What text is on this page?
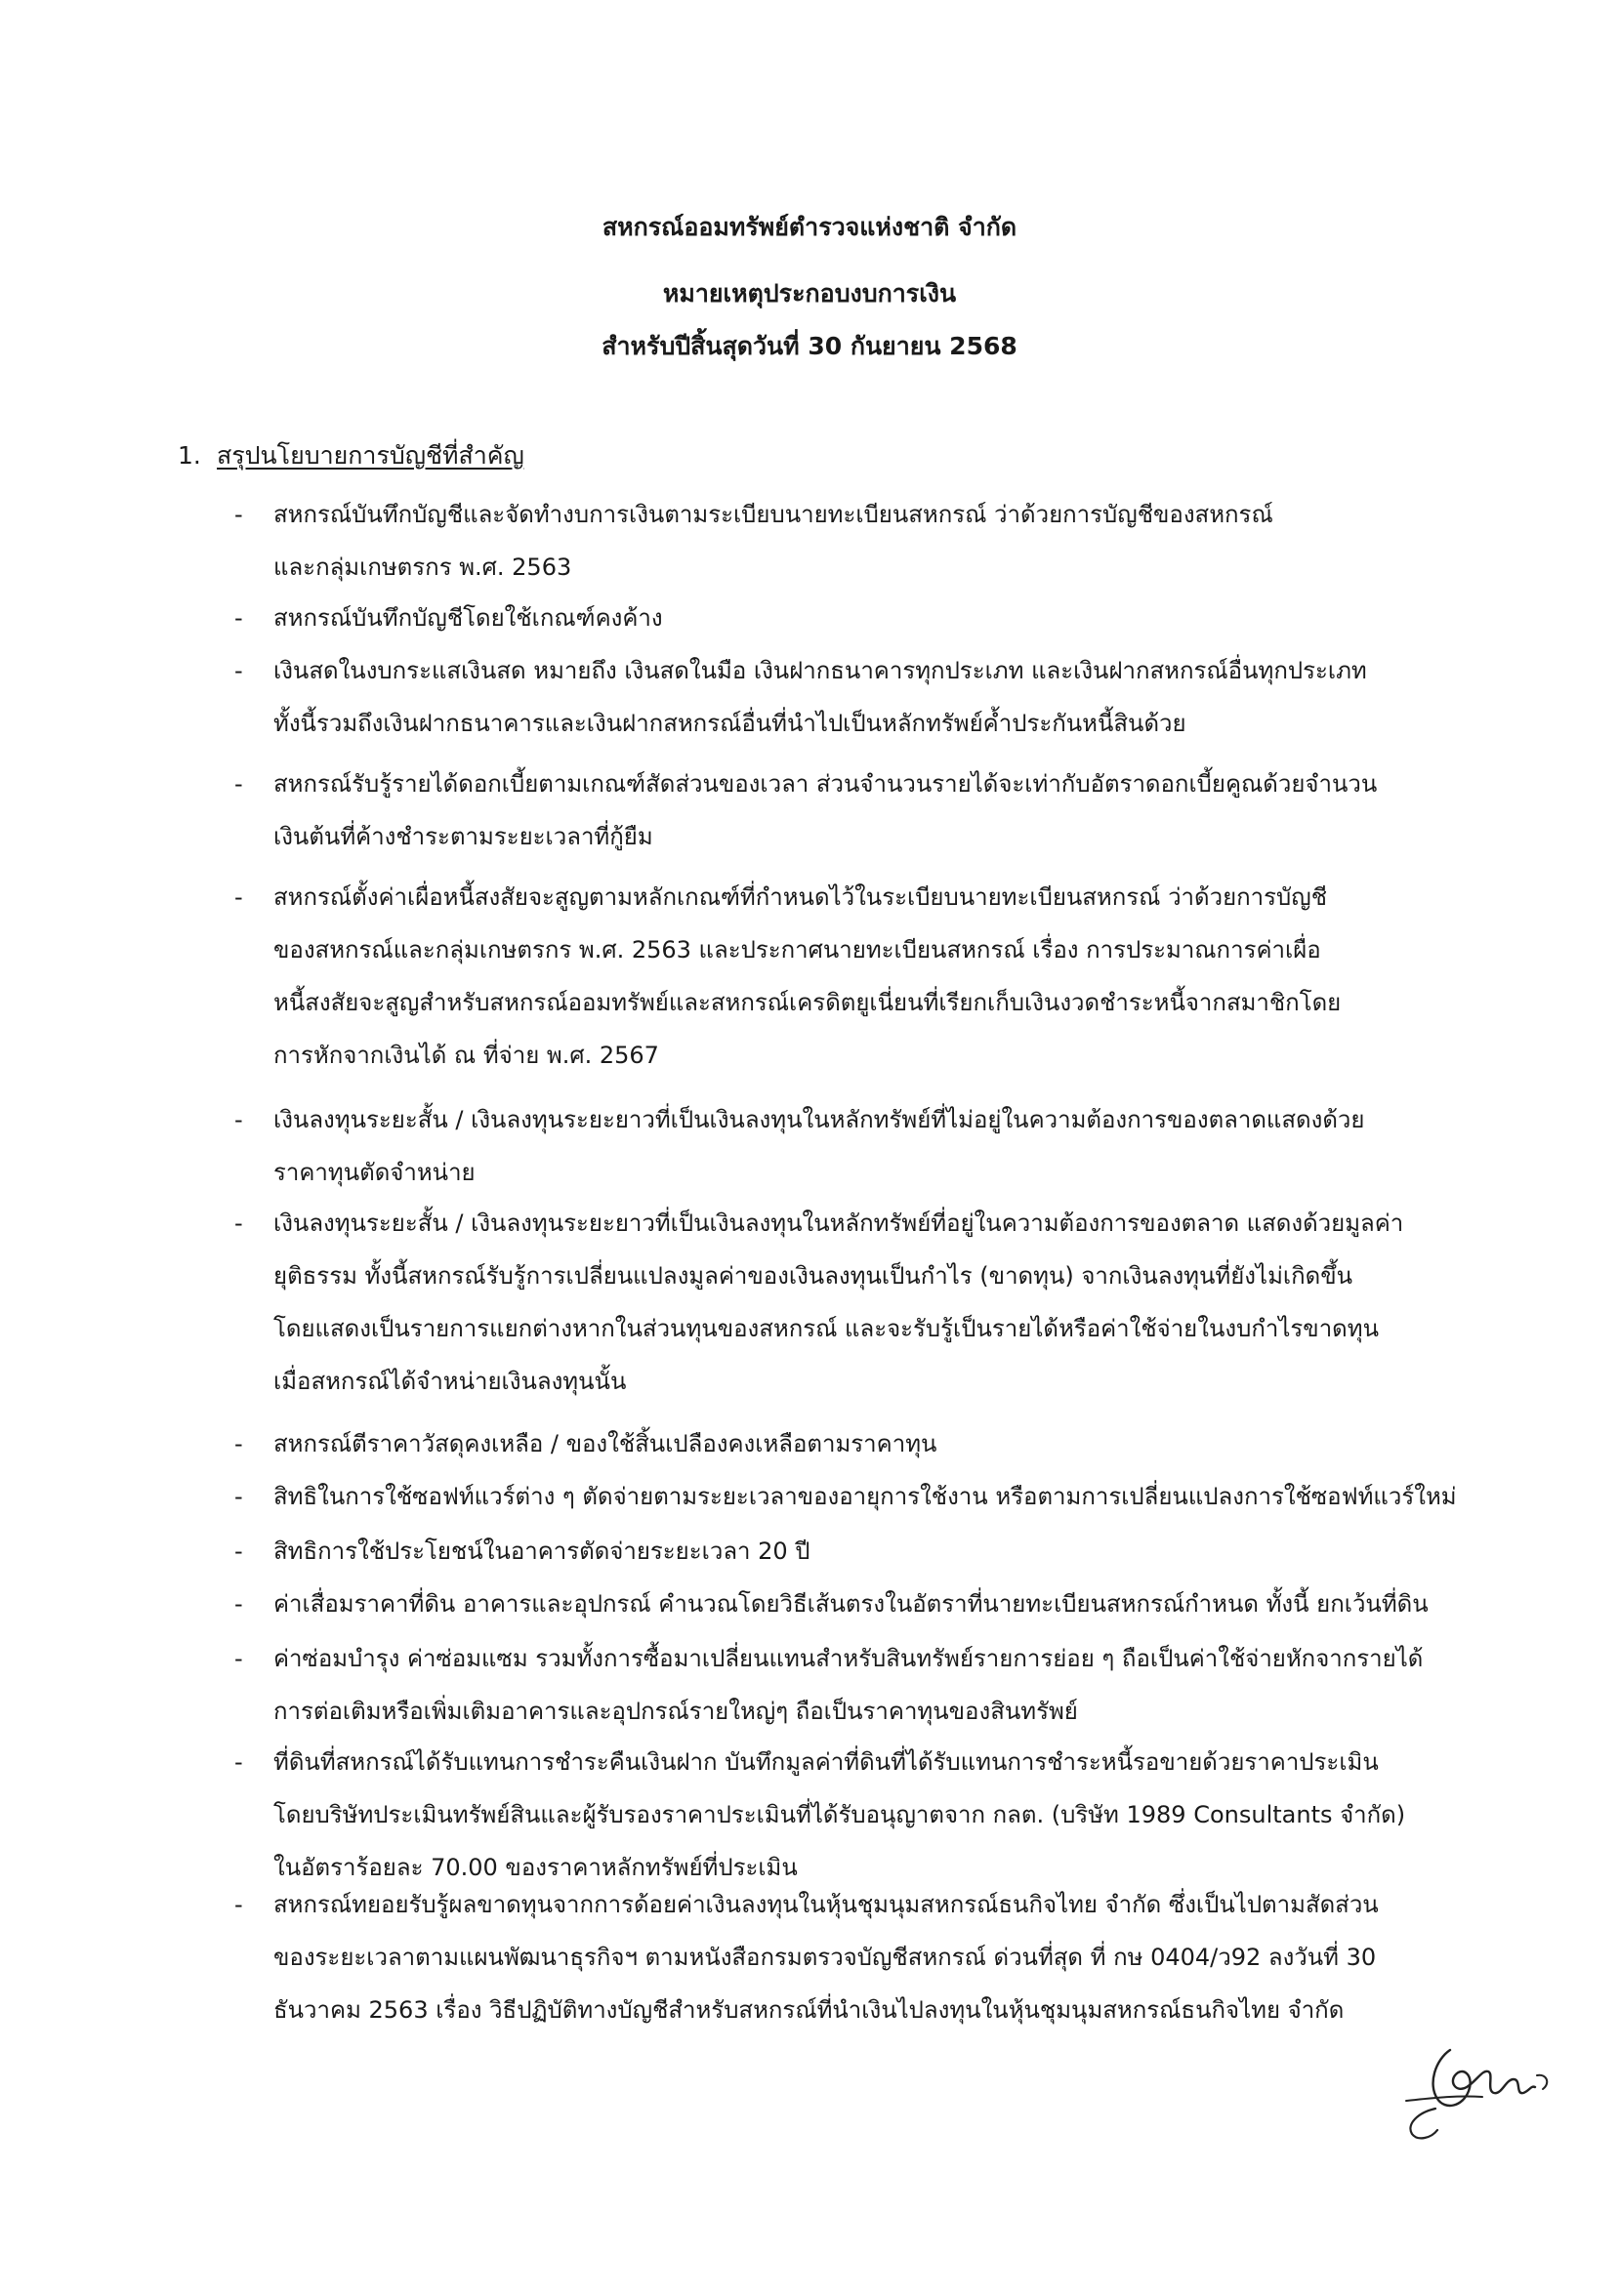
สหกรณ์ออมทรัพย์ตำรวจแห่งชาติ จำกัด
หมายเหตุประกอบงบการเงิน
สำหรับปีสิ้นสุดวันที่ 30 กันยายน 2568
1. สรุปนโยบายการบัญชีที่สำคัญ
- สหกรณ์บันทึกบัญชีและจัดทำงบการเงินตามระเบียบนายทะเบียนสหกรณ์ ว่าด้วยการบัญชีของสหกรณ์
และกลุ่มเกษตรกร พ.ศ. 2563
- สหกรณ์บันทึกบัญชีโดยใช้เกณฑ์คงค้าง
- เงินสดในงบกระแสเงินสด หมายถึง เงินสดในมือ เงินฝากธนาคารทุกประเภท และเงินฝากสหกรณ์อื่นทุกประเภท
ทั้งนี้รวมถึงเงินฝากธนาคารและเงินฝากสหกรณ์อื่นที่นำไปเป็นหลักทรัพย์ค้ำประกันหนี้สินด้วย
- สหกรณ์รับรู้รายได้ดอกเบี้ยตามเกณฑ์สัดส่วนของเวลา ส่วนจำนวนรายได้จะเท่ากับอัตราดอกเบี้ยคูณด้วยจำนวน
เงินต้นที่ค้างชำระตามระยะเวลาที่กู้ยืม
- สหกรณ์ตั้งค่าเผื่อหนี้สงสัยจะสูญตามหลักเกณฑ์ที่กำหนดไว้ในระเบียบนายทะเบียนสหกรณ์ ว่าด้วยการบัญชี
ของสหกรณ์และกลุ่มเกษตรกร พ.ศ. 2563 และประกาศนายทะเบียนสหกรณ์ เรื่อง การประมาณการค่าเผื่อ
หนี้สงสัยจะสูญสำหรับสหกรณ์ออมทรัพย์และสหกรณ์เครดิตยูเนี่ยนที่เรียกเก็บเงินงวดชำระหนี้จากสมาชิกโดย
การหักจากเงินได้ ณ ที่จ่าย พ.ศ. 2567
- เงินลงทุนระยะสั้น / เงินลงทุนระยะยาวที่เป็นเงินลงทุนในหลักทรัพย์ที่ไม่อยู่ในความต้องการของตลาดแสดงด้วย
ราคาทุนตัดจำหน่าย
- เงินลงทุนระยะสั้น / เงินลงทุนระยะยาวที่เป็นเงินลงทุนในหลักทรัพย์ที่อยู่ในความต้องการของตลาด แสดงด้วยมูลค่า
ยุติธรรม ทั้งนี้สหกรณ์รับรู้การเปลี่ยนแปลงมูลค่าของเงินลงทุนเป็นกำไร (ขาดทุน) จากเงินลงทุนที่ยังไม่เกิดขึ้น
โดยแสดงเป็นรายการแยกต่างหากในส่วนทุนของสหกรณ์ และจะรับรู้เป็นรายได้หรือค่าใช้จ่ายในงบกำไรขาดทุน
เมื่อสหกรณ์ได้จำหน่ายเงินลงทุนนั้น
- สหกรณ์ตีราคาวัสดุคงเหลือ / ของใช้สิ้นเปลืองคงเหลือตามราคาทุน
- สิทธิในการใช้ซอฟท์แวร์ต่าง ๆ ตัดจ่ายตามระยะเวลาของอายุการใช้งาน หรือตามการเปลี่ยนแปลงการใช้ซอฟท์แวร์ใหม่
- สิทธิการใช้ประโยชน์ในอาคารตัดจ่ายระยะเวลา 20 ปี
- ค่าเสื่อมราคาที่ดิน อาคารและอุปกรณ์ คำนวณโดยวิธีเส้นตรงในอัตราที่นายทะเบียนสหกรณ์กำหนด ทั้งนี้ ยกเว้นที่ดิน
- ค่าซ่อมบำรุง ค่าซ่อมแซม รวมทั้งการซื้อมาเปลี่ยนแทนสำหรับสินทรัพย์รายการย่อย ๆ ถือเป็นค่าใช้จ่ายหักจากรายได้
การต่อเติมหรือเพิ่มเติมอาคารและอุปกรณ์รายใหญ่ๆ ถือเป็นราคาทุนของสินทรัพย์
- ที่ดินที่สหกรณ์ได้รับแทนการชำระคืนเงินฝาก บันทึกมูลค่าที่ดินที่ได้รับแทนการชำระหนี้รอขายด้วยราคาประเมิน
โดยบริษัทประเมินทรัพย์สินและผู้รับรองราคาประเมินที่ได้รับอนุญาตจาก กลต. (บริษัท 1989 Consultants จำกัด)
ในอัตราร้อยละ 70.00 ของราคาหลักทรัพย์ที่ประเมิน
- สหกรณ์ทยอยรับรู้ผลขาดทุนจากการด้อยค่าเงินลงทุนในหุ้นชุมนุมสหกรณ์ธนกิจไทย จำกัด ซึ่งเป็นไปตามสัดส่วน
ของระยะเวลาตามแผนพัฒนาธุรกิจฯ ตามหนังสือกรมตรวจบัญชีสหกรณ์ ด่วนที่สุด ที่ กษ 0404/ว92 ลงวันที่ 30
ธันวาคม 2563 เรื่อง วิธีปฏิบัติทางบัญชีสำหรับสหกรณ์ที่นำเงินไปลงทุนในหุ้นชุมนุมสหกรณ์ธนกิจไทย จำกัด
